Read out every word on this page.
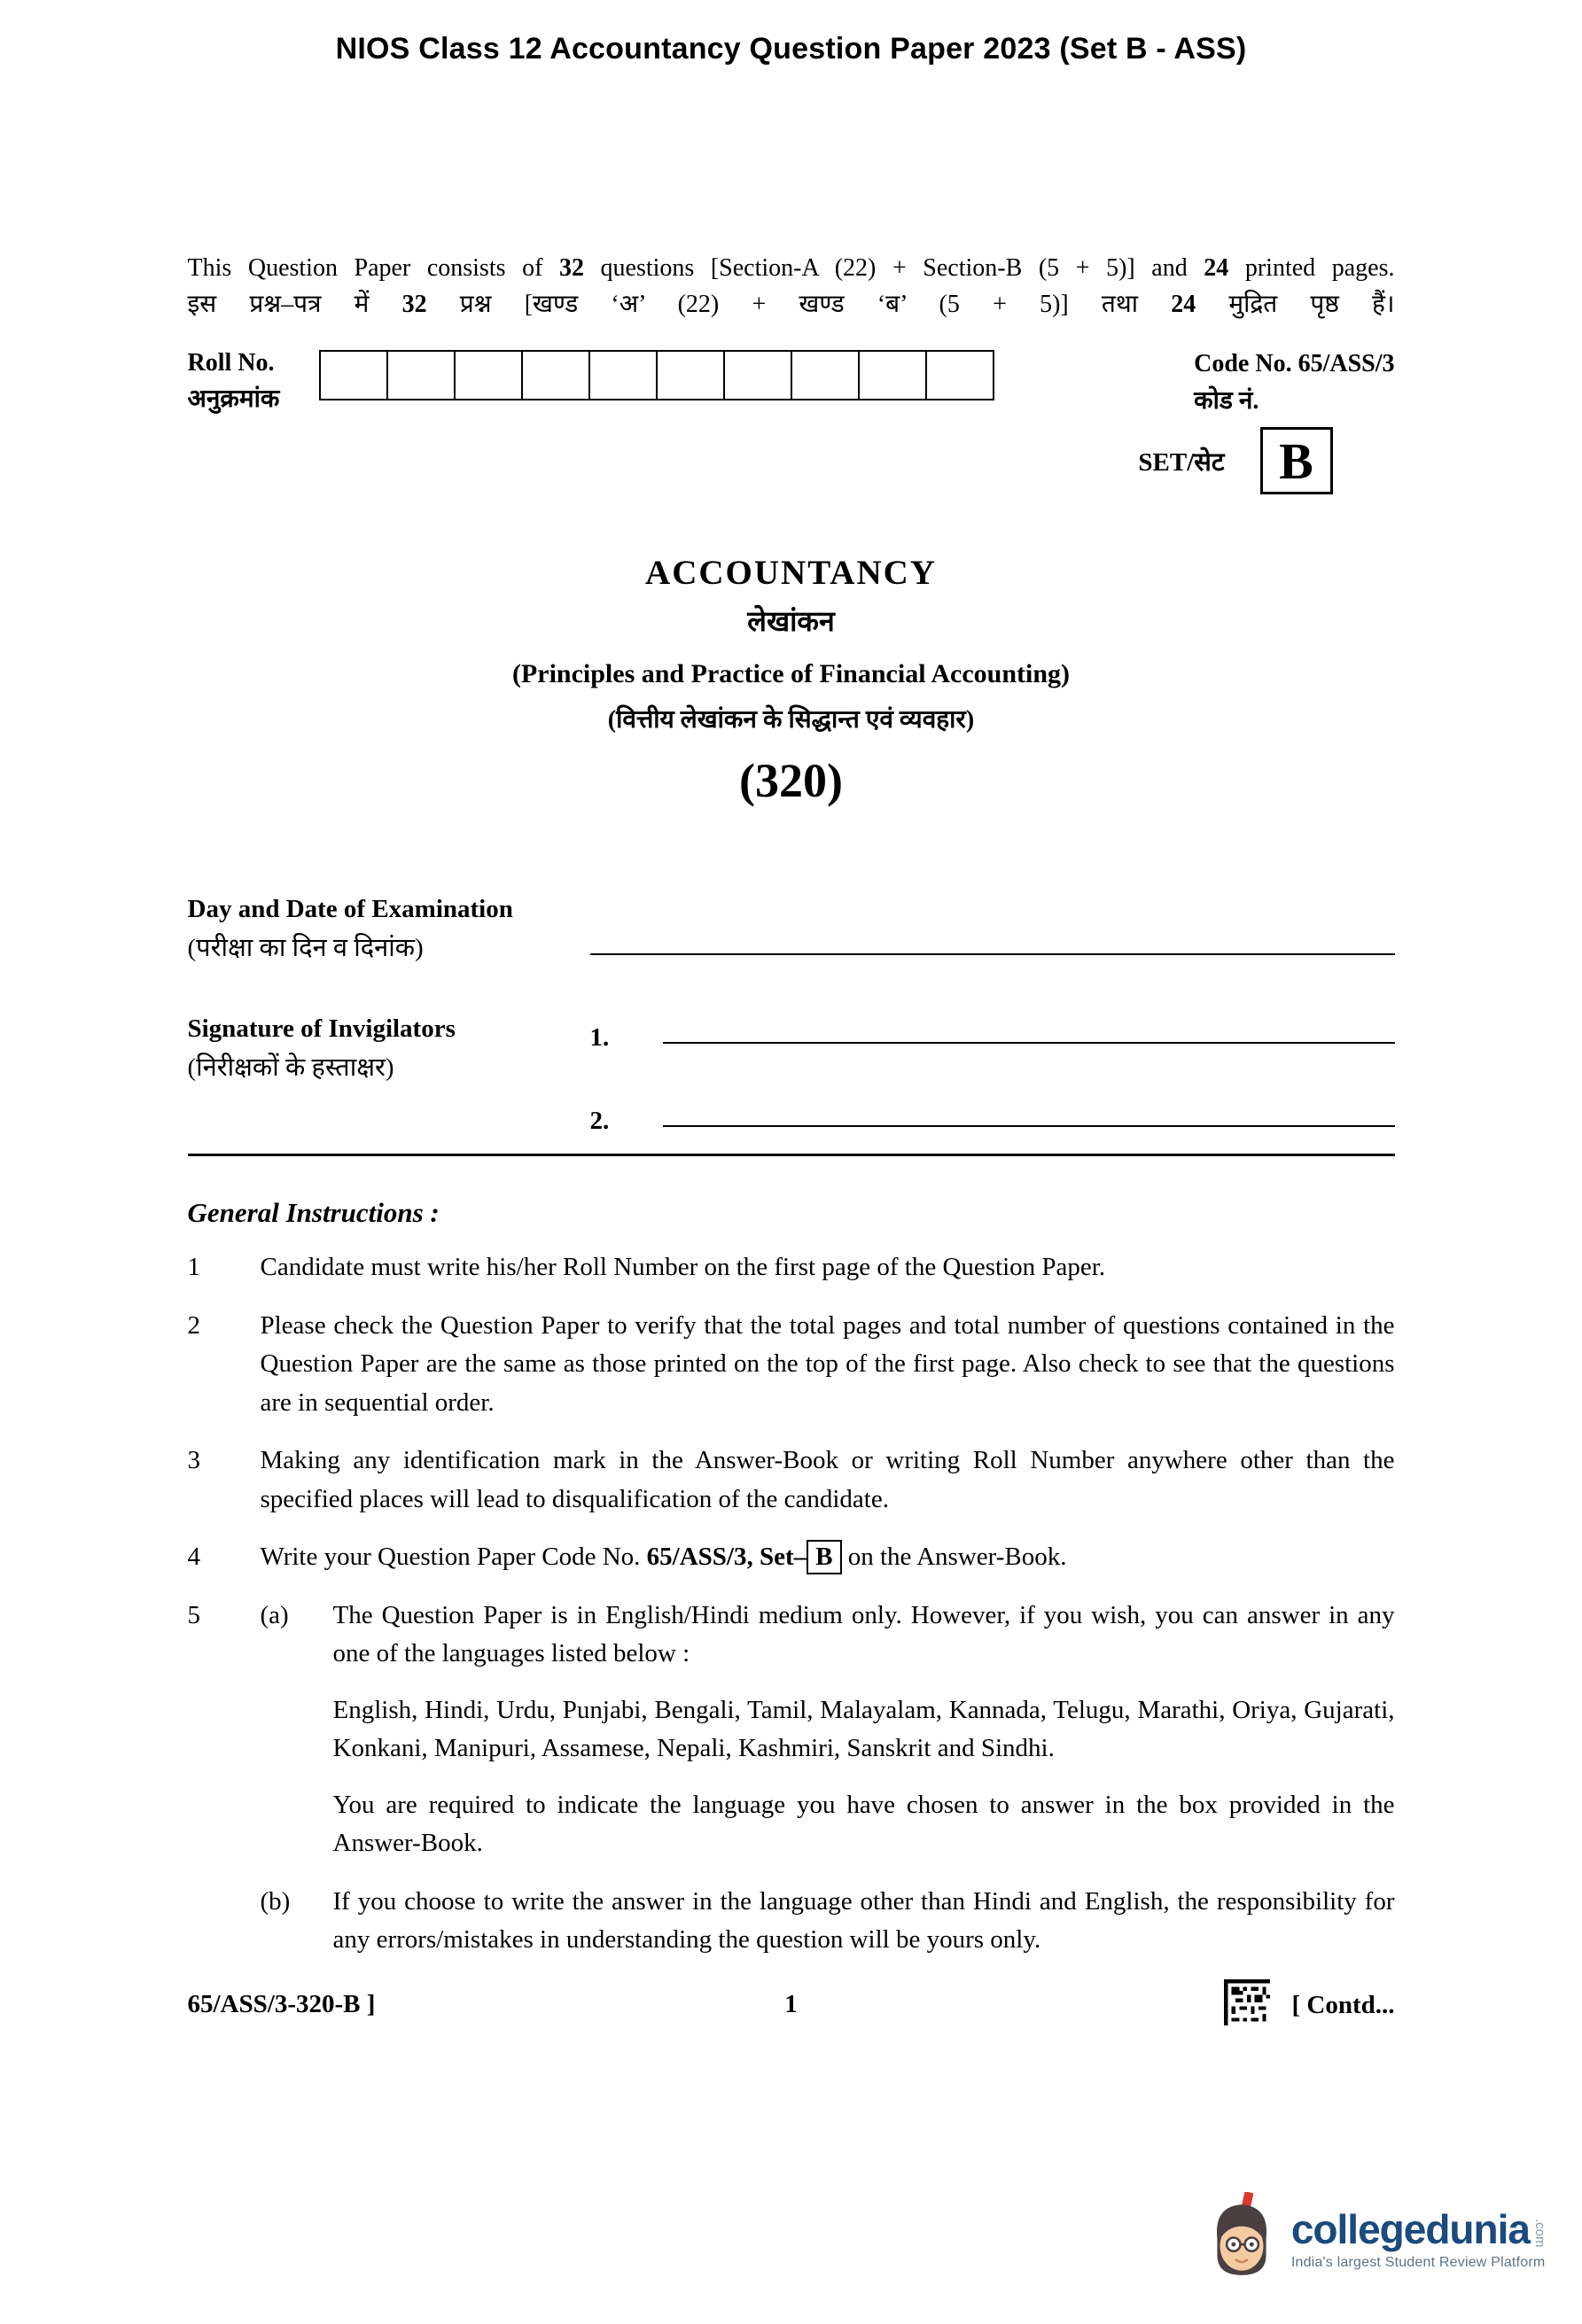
NIOS Class 12 Accountancy Question Paper 2023 (Set B - ASS)

This Question Paper consists of 32 questions [Section-A (22) + Section-B (5 + 5)] and 24 printed pages.

इस प्रश्न–पत्र में 32 प्रश्न [खण्ड ‘अ’ (22) + खण्ड ‘ब’ (5 + 5)] तथा 24 मुद्रित पृष्ठ हैं।

Roll No.
अनुक्रमांक
Code No. 65/ASS/3
कोड नं.
SET/सेट	B
ACCOUNTANCY
लेखांकन
(Principles and Practice of Financial Accounting)
(वित्तीय लेखांकन के सिद्धान्त एवं व्यवहार)
(320)
Day and Date of Examination
(परीक्षा का दिन व दिनांक)
Signature of Invigilators
(निरीक्षकों के हस्ताक्षर)
1.
2.
General Instructions :
1	Candidate must write his/her Roll Number on the first page of the Question Paper.

2	Please check the Question Paper to verify that the total pages and total number of questions contained in the Question Paper are the same as those printed on the top of the first page. Also check to see that the questions are in sequential order.

3	Making any identification mark in the Answer-Book or writing Roll Number anywhere other than the specified places will lead to disqualification of the candidate.

4	Write your Question Paper Code No. 65/ASS/3, Set– B on the Answer-Book.

5	(a)	The Question Paper is in English/Hindi medium only. However, if you wish, you can answer in any one of the languages listed below :

English, Hindi, Urdu, Punjabi, Bengali, Tamil, Malayalam, Kannada, Telugu, Marathi, Oriya, Gujarati, Konkani, Manipuri, Assamese, Nepali, Kashmiri, Sanskrit and Sindhi.

You are required to indicate the language you have chosen to answer in the box provided in the Answer-Book.

(b)	If you choose to write the answer in the language other than Hindi and English, the responsibility for any errors/mistakes in understanding the question will be yours only.

65/ASS/3-320-B ]	1	[ Contd...
collegedunia .com
India's largest Student Review Platform
